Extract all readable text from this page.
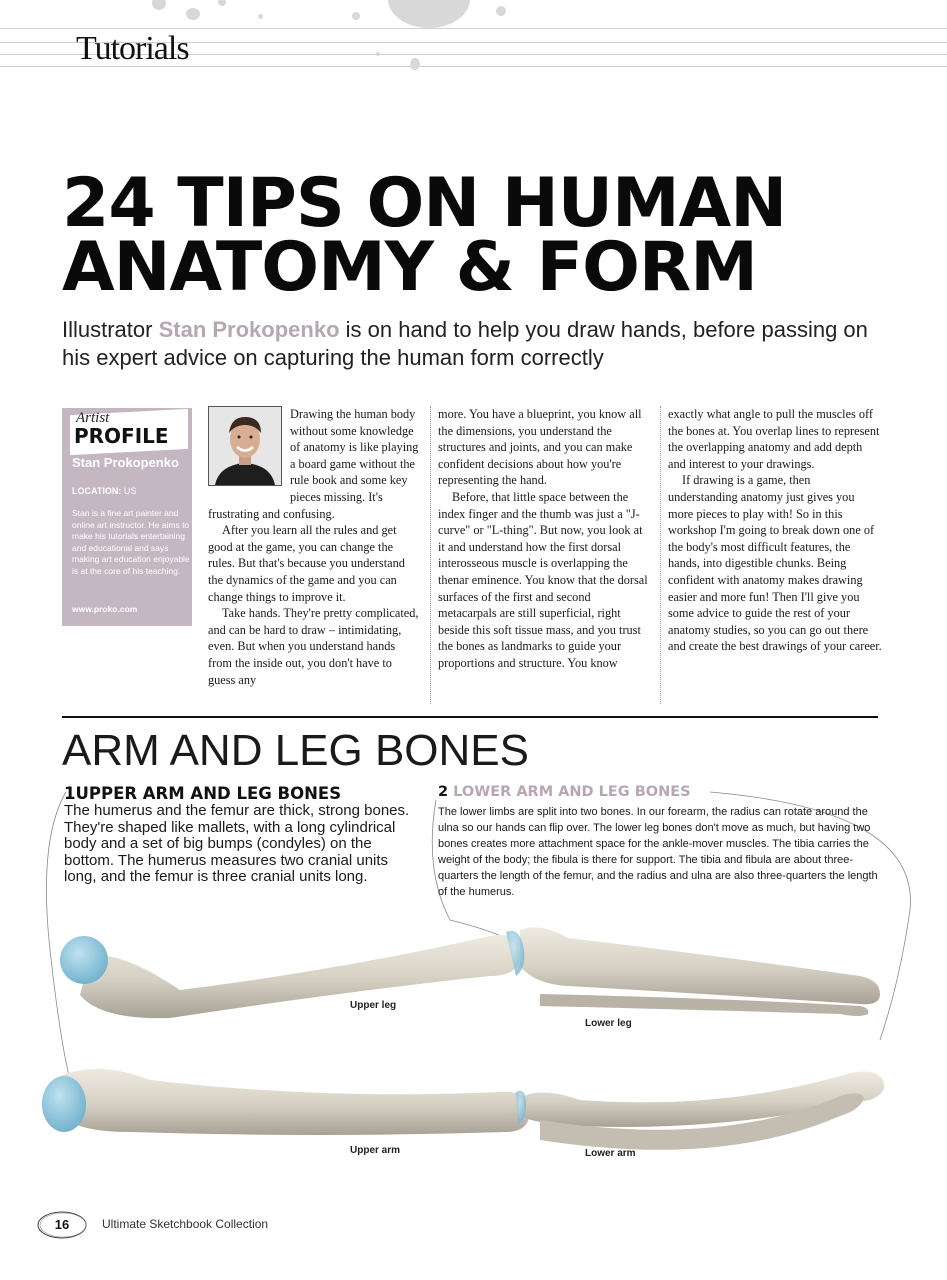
Tutorials
24 TIPS ON HUMAN
ANATOMY & FORM
Illustrator Stan Prokopenko is on hand to help you draw hands, before passing on his expert advice on capturing the human form correctly
Artist
PROFILE
Stan Prokopenko
LOCATION: US
Stan is a fine art painter and online art instructor. He aims to make his tutorials entertaining and educational and says making art education enjoyable is at the core of his teaching.
www.proko.com

Drawing the human body without some knowledge of anatomy is like playing a board game without the rule book and some key pieces missing. It's frustrating and confusing.

After you learn all the rules and get good at the game, you can change the rules. But that's because you understand the dynamics of the game and you can change things to improve it.

Take hands. They're pretty complicated, and can be hard to draw – intimidating, even. But when you understand hands from the inside out, you don't have to guess any

more. You have a blueprint, you know all the dimensions, you understand the structures and joints, and you can make confident decisions about how you're representing the hand.

Before, that little space between the index finger and the thumb was just a "J-curve" or "L-thing". But now, you look at it and understand how the first dorsal interosseous muscle is overlapping the thenar eminence. You know that the dorsal surfaces of the first and second metacarpals are still superficial, right beside this soft tissue mass, and you trust the bones as landmarks to guide your proportions and structure. You know

exactly what angle to pull the muscles off the bones at. You overlap lines to represent the overlapping anatomy and add depth and interest to your drawings.

If drawing is a game, then understanding anatomy just gives you more pieces to play with! So in this workshop I'm going to break down one of the body's most difficult features, the hands, into digestible chunks. Being confident with anatomy makes drawing easier and more fun! Then I'll give you some advice to guide the rest of your anatomy studies, so you can go out there and create the best drawings of your career.

ARM AND LEG BONES
Upper leg
Lower leg
Upper arm	Lower arm
1UPPER ARM AND LEG BONES
The humerus and the femur are thick, strong bones. They're shaped like mallets, with a long cylindrical body and a set of big bumps (condyles) on the bottom. The humerus measures two cranial units long, and the femur is three cranial units long.
2 LOWER ARM AND LEG BONES
The lower limbs are split into two bones. In our forearm, the radius can rotate around the ulna so our hands can flip over. The lower leg bones don't move as much, but having two bones creates more attachment space for the ankle-mover muscles. The tibia carries the weight of the body; the fibula is there for support. The tibia and fibula are about three-quarters the length of the femur, and the radius and ulna are also three-quarters the length of the humerus.
16	Ultimate Sketchbook Collection
